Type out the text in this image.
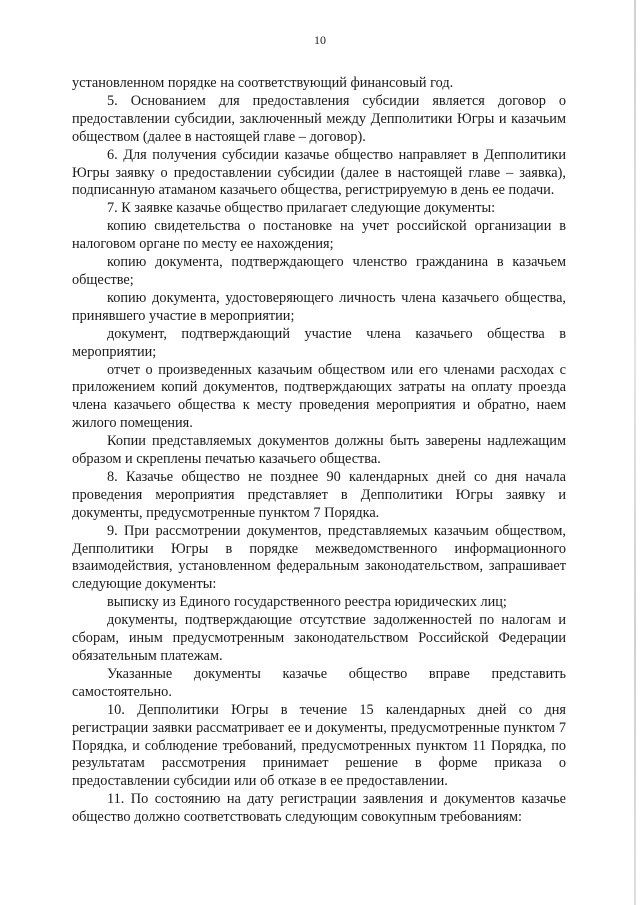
10

установленном порядке на соответствующий финансовый год.

5. Основанием для предоставления субсидии является договор о предоставлении субсидии, заключенный между Депполитики Югры и казачьим обществом (далее в настоящей главе – договор).

6. Для получения субсидии казачье общество направляет в Депполитики Югры заявку о предоставлении субсидии (далее в настоящей главе – заявка), подписанную атаманом казачьего общества, регистрируемую в день ее подачи.

7. К заявке казачье общество прилагает следующие документы:

копию свидетельства о постановке на учет российской организации в налоговом органе по месту ее нахождения;

копию документа, подтверждающего членство гражданина в казачьем обществе;

копию документа, удостоверяющего личность члена казачьего общества, принявшего участие в мероприятии;

документ, подтверждающий участие члена казачьего общества в мероприятии;

отчет о произведенных казачьим обществом или его членами расходах с приложением копий документов, подтверждающих затраты на оплату проезда члена казачьего общества к месту проведения мероприятия и обратно, наем жилого помещения.

Копии представляемых документов должны быть заверены надлежащим образом и скреплены печатью казачьего общества.

8. Казачье общество не позднее 90 календарных дней со дня начала проведения мероприятия представляет в Депполитики Югры заявку и документы, предусмотренные пунктом 7 Порядка.

9. При рассмотрении документов, представляемых казачьим обществом, Депполитики Югры в порядке межведомственного информационного взаимодействия, установленном федеральным законодательством, запрашивает следующие документы:

выписку из Единого государственного реестра юридических лиц;

документы, подтверждающие отсутствие задолженностей по налогам и сборам, иным предусмотренным законодательством Российской Федерации обязательным платежам.

Указанные документы казачье общество вправе представить самостоятельно.

10. Депполитики Югры в течение 15 календарных дней со дня регистрации заявки рассматривает ее и документы, предусмотренные пунктом 7 Порядка, и соблюдение требований, предусмотренных пунктом 11 Порядка, по результатам рассмотрения принимает решение в форме приказа о предоставлении субсидии или об отказе в ее предоставлении.

11. По состоянию на дату регистрации заявления и документов казачье общество должно соответствовать следующим совокупным требованиям:
